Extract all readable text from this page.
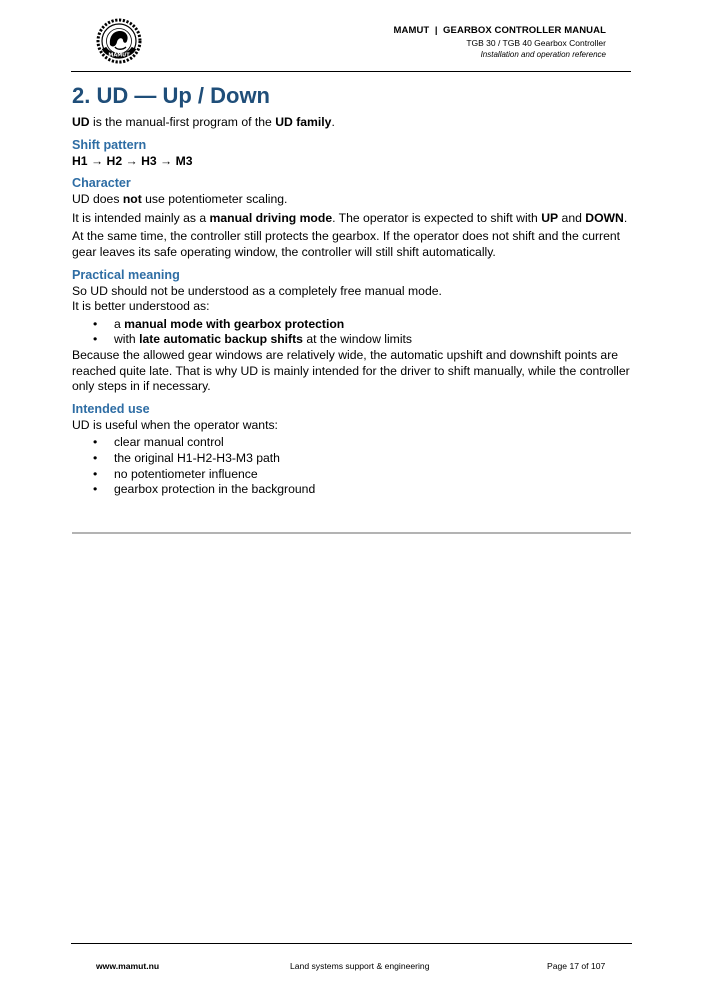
MAMUT
MAMUT  |  GEARBOX CONTROLLER MANUAL
TGB 30 / TGB 40 Gearbox Controller
Installation and operation reference
2. UD — Up / Down

UD is the manual-first program of the UD family.

Shift pattern

H1 → H2 → H3 → M3

Character

UD does not use potentiometer scaling.

It is intended mainly as a manual driving mode. The operator is expected to shift with UP and DOWN.

At the same time, the controller still protects the gearbox. If the operator does not shift and the current gear leaves its safe operating window, the controller will still shift automatically.

Practical meaning

So UD should not be understood as a completely free manual mode.

It is better understood as:

• a manual mode with gearbox protection
• with late automatic backup shifts at the window limits

Because the allowed gear windows are relatively wide, the automatic upshift and downshift points are reached quite late. That is why UD is mainly intended for the driver to shift manually, while the controller only steps in if necessary.

Intended use

UD is useful when the operator wants:

• clear manual control
• the original H1-H2-H3-M3 path
• no potentiometer influence
• gearbox protection in the background
www.mamut.nu	Land systems support & engineering	Page 17 of 107
